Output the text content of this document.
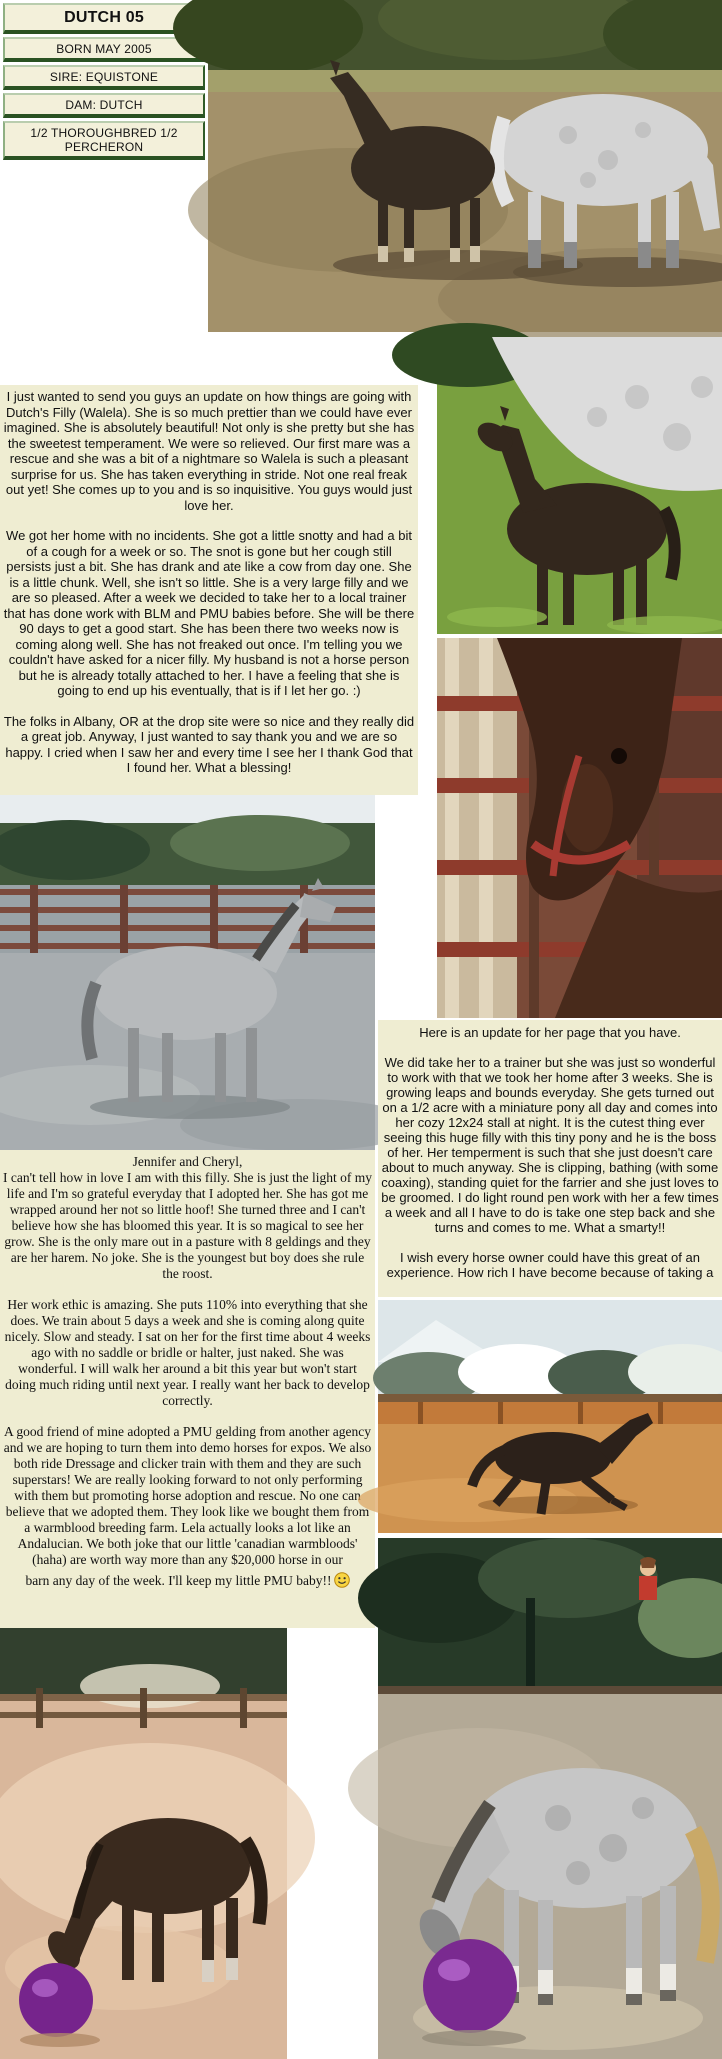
DUTCH 05
BORN MAY 2005
SIRE: EQUISTONE
DAM: DUTCH
1/2 THOROUGHBRED 1/2 PERCHERON

I just wanted to send you guys an update on how things are going with Dutch's Filly (Walela). She is so much prettier than we could have ever imagined. She is absolutely beautiful! Not only is she pretty but she has the sweetest temperament. We were so relieved. Our first mare was a rescue and she was a bit of a nightmare so Walela is such a pleasant surprise for us. She has taken everything in stride. Not one real freak out yet! She comes up to you and is so inquisitive. You guys would just love her.

We got her home with no incidents. She got a little snotty and had a bit of a cough for a week or so. The snot is gone but her cough still persists just a bit. She has drank and ate like a cow from day one. She is a little chunk. Well, she isn't so little. She is a very large filly and we are so pleased. After a week we decided to take her to a local trainer that has done work with BLM and PMU babies before. She will be there 90 days to get a good start. She has been there two weeks now is coming along well. She has not freaked out once. I'm telling you we couldn't have asked for a nicer filly. My husband is not a horse person but he is already totally attached to her. I have a feeling that she is going to end up his eventually, that is if I let her go. :)

The folks in Albany, OR at the drop site were so nice and they really did a great job. Anyway, I just wanted to say thank you and we are so happy. I cried when I saw her and every time I see her I thank God that I found her. What a blessing!

Jennifer and Cheryl,

I can't tell how in love I am with this filly. She is just the light of my life and I'm so grateful everyday that I adopted her. She has got me wrapped around her not so little hoof! She turned three and I can't believe how she has bloomed this year. It is so magical to see her grow. She is the only mare out in a pasture with 8 geldings and they are her harem. No joke. She is the youngest but boy does she rule the roost.

Her work ethic is amazing. She puts 110% into everything that she does. We train about 5 days a week and she is coming along quite nicely. Slow and steady. I sat on her for the first time about 4 weeks ago with no saddle or bridle or halter, just naked. She was wonderful. I will walk her around a bit this year but won't start doing much riding until next year. I really want her back to develop correctly.

A good friend of mine adopted a PMU gelding from another agency and we are hoping to turn them into demo horses for expos. We also both ride Dressage and clicker train with them and they are such superstars! We are really looking forward to not only performing with them but promoting horse adoption and rescue. No one can believe that we adopted them. They look like we bought them from a warmblood breeding farm. Lela actually looks a lot like an Andalucian. We both joke that our little 'canadian warmbloods' (haha) are worth way more than any $20,000 horse in our

barn any day of the week. I'll keep my little PMU baby!!

Here is an update for her page that you have.

We did take her to a trainer but she was just so wonderful to work with that we took her home after 3 weeks. She is growing leaps and bounds everyday. She gets turned out on a 1/2 acre with a miniature pony all day and comes into her cozy 12x24 stall at night. It is the cutest thing ever seeing this huge filly with this tiny pony and he is the boss of her. Her temperment is such that she just doesn't care about to much anyway. She is clipping, bathing (with some coaxing), standing quiet for the farrier and she just loves to be groomed. I do light round pen work with her a few times a week and all I have to do is take one step back and she turns and comes to me. What a smarty!!

I wish every horse owner could have this great of an experience. How rich I have become because of taking a
